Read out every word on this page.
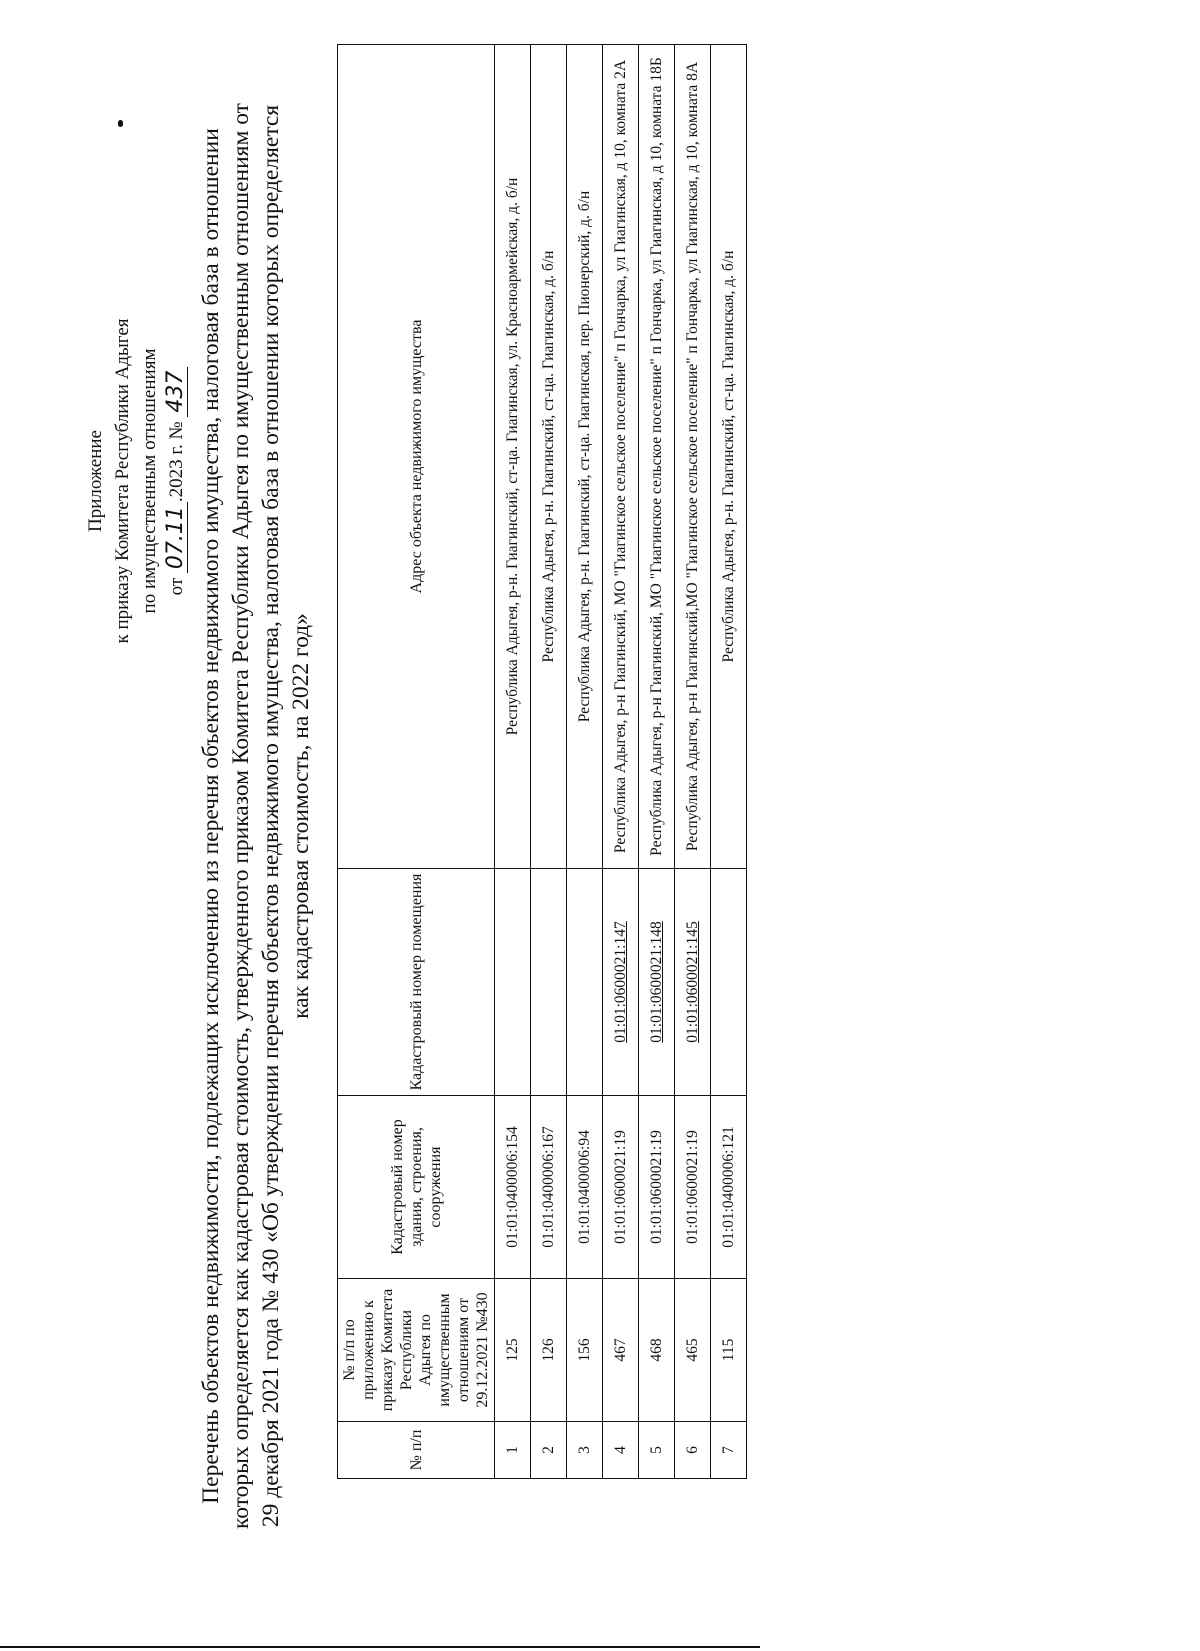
Приложение к приказу Комитета Республики Адыгея по имущественным отношениям от 07.11.2023 г. № 437 Перечень объектов недвижимости, подлежащих исключению из перечня объектов недвижимого имущества, налоговая база в отношении которых определяется как кадастровая стоимость, утвержденного приказом Комитета Республики Адыгея по имущественным отношениям от 29 декабря 2021 года № 430 «Об утверждении перечня объектов недвижимого имущества, налоговая база в отношении которых определяется как кадастровая стоимость, на 2022 год»
№ п/п	№ п/п по приложению к приказу Комитета Республики Адыгея по имущественным отношениям от 29.12.2021 №430	Кадастровый номер здания, строения, сооружения	Кадастровый номер помещения	Адрес объекта недвижимого имущества
1	125	01:01:0400006:154		Республика Адыгея, р-н. Гиагинский, ст-ца. Гиагинская, ул. Красноармейская, д. б/н
2	126	01:01:0400006:167		Республика Адыгея, р-н. Гиагинский, ст-ца. Гиагинская, д. б/н
3	156	01:01:0400006:94		Республика Адыгея, р-н. Гиагинский, ст-ца. Гиагинская, пер. Пионерский, д. б/н
4	467	01:01:0600021:19	01:01:0600021:147	Республика Адыгея, р-н Гиагинский, МО "Гиагинское сельское поселение" п Гончарка, ул Гиагинская, д 10, комната 2А
5	468	01:01:0600021:19	01:01:0600021:148	Республика Адыгея, р-н Гиагинский, МО "Гиагинское сельское поселение" п Гончарка, ул Гиагинская, д 10, комната 18Б
6	465	01:01:0600021:19	01:01:0600021:145	Республика Адыгея, р-н Гиагинский,МО "Гиагинское сельское поселение" п Гончарка, ул Гиагинская, д 10, комната 8А
7	115	01:01:0400006:121		Республика Адыгея, р-н. Гиагинский, ст-ца. Гиагинская, д. б/н
